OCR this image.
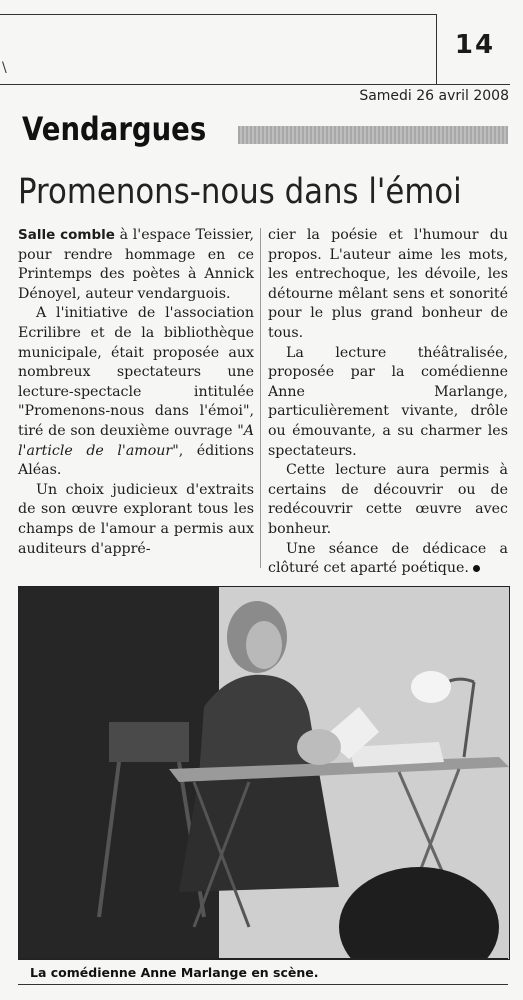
\
14
Samedi 26 avril 2008
Vendargues
Promenons-nous dans l'émoi

Salle comble à l'espace Teissier, pour rendre hommage en ce Printemps des poètes à Annick Dénoyel, auteur vendarguois.

A l'initiative de l'association Ecrilibre et de la bibliothèque municipale, était proposée aux nombreux spectateurs une lecture-spectacle intitulée "Promenons-nous dans l'émoi", tiré de son deuxième ouvrage "A l'article de l'amour", éditions Aléas.

Un choix judicieux d'extraits de son œuvre explorant tous les champs de l'amour a permis aux auditeurs d'appré-

cier la poésie et l'humour du propos. L'auteur aime les mots, les entrechoque, les dévoile, les détourne mêlant sens et sonorité pour le plus grand bonheur de tous.

La lecture théâtralisée, proposée par la comédienne Anne Marlange, particulièrement vivante, drôle ou émouvante, a su charmer les spectateurs.

Cette lecture aura permis à certains de découvrir ou de redécouvrir cette œuvre avec bonheur.

Une séance de dédicace a clôturé cet aparté poétique.

La comédienne Anne Marlange en scène.
